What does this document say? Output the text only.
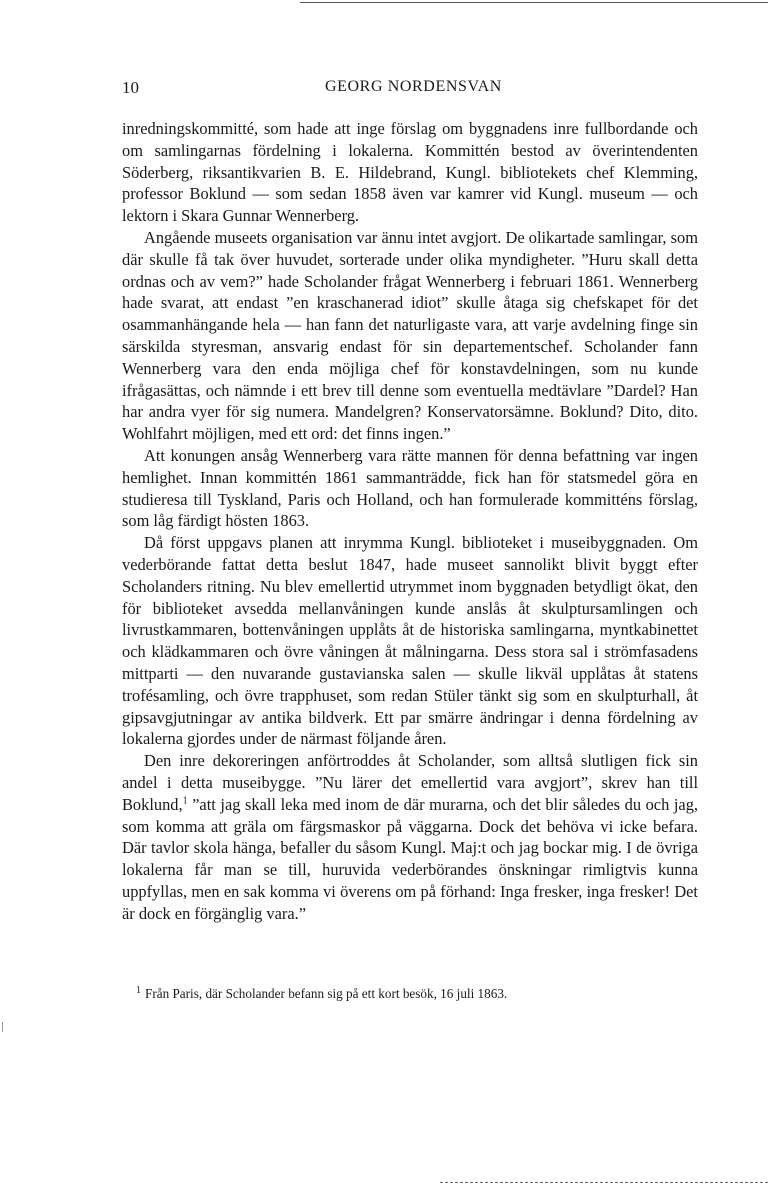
10	GEORG NORDENSVAN

inredningskommitté, som hade att inge förslag om byggnadens inre fullbordande och om samlingarnas fördelning i lokalerna. Kommittén bestod av överintendenten Söderberg, riksantikvarien B. E. Hildebrand, Kungl. bibliotekets chef Klemming, professor Boklund — som sedan 1858 även var kamrer vid Kungl. museum — och lektorn i Skara Gunnar Wennerberg.

Angående museets organisation var ännu intet avgjort. De olikartade samlingar, som där skulle få tak över huvudet, sorterade under olika myndigheter. ”Huru skall detta ordnas och av vem?” hade Scholander frågat Wennerberg i februari 1861. Wennerberg hade svarat, att endast ”en kraschanerad idiot” skulle åtaga sig chefskapet för det osammanhängande hela — han fann det naturligaste vara, att varje avdelning finge sin särskilda styresman, ansvarig endast för sin departementschef. Scholander fann Wennerberg vara den enda möjliga chef för konstavdelningen, som nu kunde ifrågasättas, och nämnde i ett brev till denne som eventuella medtävlare ”Dardel? Han har andra vyer för sig numera. Mandelgren? Konservatorsämne. Boklund? Dito, dito. Wohlfahrt möjligen, med ett ord: det finns ingen.”

Att konungen ansåg Wennerberg vara rätte mannen för denna befattning var ingen hemlighet. Innan kommittén 1861 sammanträdde, fick han för statsmedel göra en studieresa till Tyskland, Paris och Holland, och han formulerade kommitténs förslag, som låg färdigt hösten 1863.

Då först uppgavs planen att inrymma Kungl. biblioteket i museibyggnaden. Om vederbörande fattat detta beslut 1847, hade museet sannolikt blivit byggt efter Scholanders ritning. Nu blev emellertid utrymmet inom byggnaden betydligt ökat, den för biblioteket avsedda mellanvåningen kunde anslås åt skulptursamlingen och livrustkammaren, bottenvåningen upplåts åt de historiska samlingarna, myntkabinettet och klädkammaren och övre våningen åt målningarna. Dess stora sal i strömfasadens mittparti — den nuvarande gustavianska salen — skulle likväl upplåtas åt statens trofésamling, och övre trapphuset, som redan Stüler tänkt sig som en skulpturhall, åt gipsavgjutningar av antika bildverk. Ett par smärre ändringar i denna fördelning av lokalerna gjordes under de närmast följande åren.

Den inre dekoreringen anförtroddes åt Scholander, som alltså slutligen fick sin andel i detta museibygge. ”Nu lärer det emellertid vara avgjort”, skrev han till Boklund,$^1$ ”att jag skall leka med inom de där murarna, och det blir således du och jag, som komma att gräla om färgsmaskor på väggarna. Dock det behöva vi icke befara. Där tavlor skola hänga, befaller du såsom Kungl. Maj:t och jag bockar mig. I de övriga lokalerna får man se till, huruvida vederbörandes önskningar rimligtvis kunna uppfyllas, men en sak komma vi överens om på förhand: Inga fresker, inga fresker! Det är dock en förgänglig vara.”

$^1$ Från Paris, där Scholander befann sig på ett kort besök, 16 juli 1863.
